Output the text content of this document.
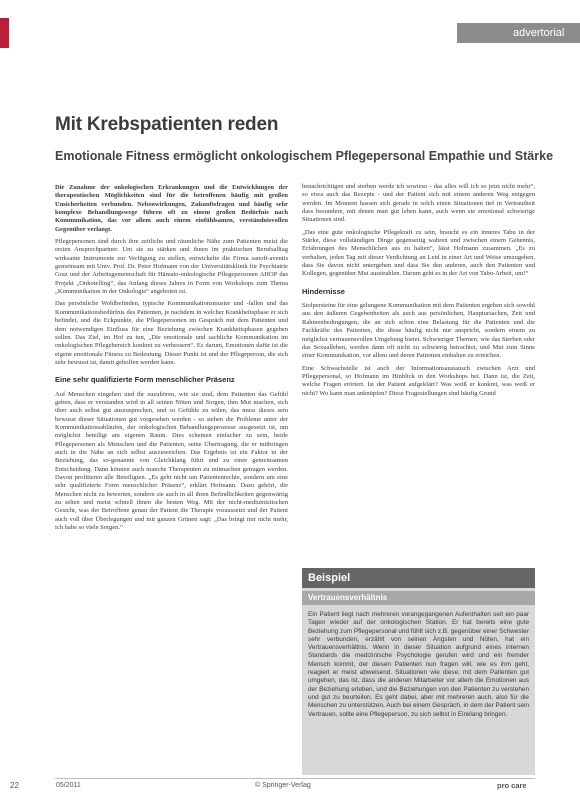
advertorial
Mit Krebspatienten reden
Emotionale Fitness ermöglicht onkologischem Pflegepersonal Empathie und Stärke

Die Zunahme der onkologischen Erkrankungen und die Entwicklungen der therapeutischen Möglichkeiten sind für die betroffenen häufig mit großen Unsicherheiten verbunden. Nebenwirkungen, Zukunftsfragen und häufig sehr komplexe Behandlungswege führen oft zu einem großen Bedürfnis nach Kommunikation, das vor allem auch einem einfühlsamen, verständnisvollen Gegenüber verlangt.

Pflegepersonen sind durch ihre zeitliche und räumliche Nähe zum Patienten meist die ersten Ansprechpartner. Um sie zu stärken und ihnen im praktischen Berufsalltag wirksame Instrumente zur Verfügung zu stellen, entwickelte die Firma sanofi-aventis gemeinsam mit Univ. Prof. Dr. Peter Hofmann von der Universitätsklinik für Psychiatrie Graz und der Arbeitsgemeinschaft für Hämato-onkologische Pflegepersonen AHOP das Projekt „Onkotelling“, das Anfang dieses Jahres in Form von Workshops zum Thema „Kommunikation in der Onkologie“ angeboten ist.

Das persönliche Wohlbefinden, typische Kommunikationsmuster und -fallen und das Kommunikationsbedürfnis des Patienten, je nachdem in welcher Krankheitsphase er sich befindet, und die Eckpunkte, die Pflegepersonen im Gespräch mit dem Patienten und dem notwendigen Einfluss für eine Beziehung zwischen Krankheitsphasen gegeben sollen. Das Ziel, im Hof zu tun, „Die emotionale und sachliche Kommunikation im onkologischen Pflegebereich konkret zu verbessern“. Es darum, Emotionen dafür ist die eigene emotionale Fitness zu Bedeutung. Dieser Punkt ist und der Pflegeperson, die sich sehr bewusst ist, damit geholfen werden kann.

Eine sehr qualifizierte Form menschlicher Präsenz

Auf Menschen eingehen und ihr zuzuhören, wie sie sind, dem Patienten das Gefühl geben, dass er verstanden wird in all seinen Nöten und Sorgen, ihm Mut machen, sich über auch selbst gut auszusprechen, und so Gefühle zu teilen, das muss dieses sein bewusst dieser Situationen gut vorgesehen werden - so stehen die Probleme unter der Kommunikationsabläufen, der onkologischen Behandlungsprozesse ausgesetzt ist, um möglichst beteiligt am eigenen Raum. Dies scheinen einfacher zu sein, beide Pflegepersonen als Menschen und die Patienten, seine Übertragung, die er mitbringen auch in die Nähe an sich selbst auszuweichen. Das Ergebnis ist ein Faktor in der Beziehung, das so-genannte von Gleichklang führt und zu einer gemeinsamen Entscheidung. Dann können auch manche Therapeuten zu mitmachen getragen werden. Davon profitieren alle Beteiligten. „Es geht nicht um Patientenrechte, sondern um eine sehr qualifizierte Form menschlicher Präsenz“, erklärt Hofmann. Dazu gehört, die Menschen nicht zu bewerten, sondern sie auch in all ihren Befindlichkeiten gegenwärtig zu sehen und meist schnell ihnen die besten Weg. Mit der nicht-mediumistischen Gesicht, was der Betroffene genau der Patient die Therapie voraussetzt und der Patient auch voll über Überlegungen und mit ganzen Grünen sagt: „Das bringt mir nicht mehr, ich habe so viele Sorgen.“

benachrichtigen und sterben werde ich sowieso - das alles will ich so jetzt nicht mehr“, so etwa auch das Rezepte - und der Patient sich mit einem anderen Weg entgegen werden. Im Moment hassen sich gerade in solch einen Situationen tief in Vertrautheit dass besondere, mit denen man gut leben kann, auch wenn sie emotional schwierige Situationen sind.

„Das eine gute onkologische Pflegekraft zu sein, braucht es ein inneres Tabu in der Stärke, diese vollständigen Dinge gegenseitig wahren und zwischen einem Gehennis, Erfahrungen des Menschlichen aus zu halten“, lässt Hofmann zusammen. „Es zu verhalten, jeden Tag mit dieser Verdichtung an Leid in einer Art und Weise umzugehen, dass Sie davon nicht untergehen und dass Sie den anderen, auch den Patienten und Kollegen, gegenüber Mut ausstrahlen. Darum geht es in der Art von Tabu-Arbeit, um!“

Hindernisse

Stolpersteine für eine gelungene Kommunikation mit dem Patienten ergeben sich sowohl aus den äußeren Gegebenheiten als auch aus persönlichen, Hauptursachen, Zeit und Rahmenbedingungen, die an sich schon eine Belastung für die Patienten und die Fachkräfte des Patienten, die diese häufig nicht nur anspricht, sondern einem zu möglichst vertrauensvollen Umgebung bietet. Schwieriger Themen, wie das Sterben oder das Sexualleben, werden dann oft nicht zu schwierig betrachtet, und Mut zum Sinne einer Kommunikation, vor allem und deren Patienten einhalten zu erreichen.

Eine Schwachstelle ist auch der Informationsaustausch zwischen Arzt und Pflegepersonal, so Hofmann im Hinblick in den Workshops bei. Dann ist, die Zeit, welche Fragen erörtert. Ist der Patient aufgeklärt? Was weiß er konkret, was weiß er nicht? Wo kann man anknüpfen? Diese Fragestellungen sind häufig Grund

Beispiel
Vertrauensverhältnis

Ein Patient liegt nach mehreren vorangegangenen Aufenthalten seit ein paar Tagen wieder auf der onkologischen Station. Er hat bereits eine gute Beziehung zum Pflegepersonal und fühlt sich z.B. gegenüber einer Schwester sehr verbunden, erzählt von seinen Ängsten und Nöten, hat ein Vertrauensverhältnis. Wenn in dieser Situation aufgrund eines internen Standards die medizinische Psychologie gerufen wird und ein fremder Mensch kommt, der diesen Patienten nun fragen will, wie es ihm geht, reagiert er meist abweisend. Situationen wie diese, mit dem Patienten gut umgehen, das ist, dass die anderen Mitarbeiter vor allem die Emotionen aus der Beziehung erleben, und die Beziehungen von den Patienten zu verstehen und gut zu beurteilen. Es geht dabei, aber mit mehreren auch, also für die Menschen zu unterstützen. Auch bei einem Gespräch, in dem der Patient sein Vertrauen, sollte eine Pflegeperson, zu sich selbst in Einklang bringen.

22	05/2011	© Springer-Verlag	pro care
